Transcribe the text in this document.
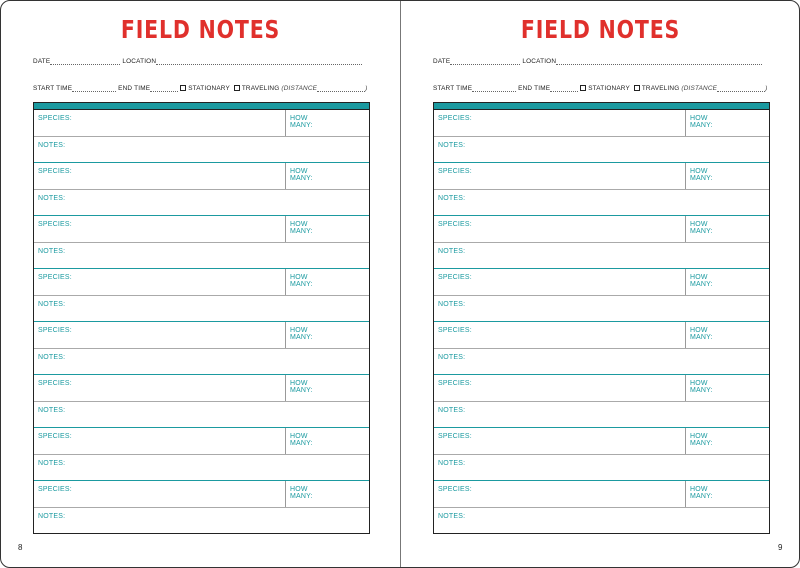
FIELD NOTES
DATE	LOCATION
START TIME	END TIME	STATIONARY TRAVELING (DISTANCE	)
SPECIES:	HOW MANY:
NOTES:
SPECIES:	HOW MANY:
NOTES:
SPECIES:	HOW MANY:
NOTES:
SPECIES:	HOW MANY:
NOTES:
SPECIES:	HOW MANY:
NOTES:
SPECIES:	HOW MANY:
NOTES:
SPECIES:	HOW MANY:
NOTES:
SPECIES:	HOW MANY:
NOTES:
8
FIELD NOTES
DATE	LOCATION
START TIME	END TIME	STATIONARY TRAVELING (DISTANCE	)
SPECIES:	HOW MANY:
NOTES:
SPECIES:	HOW MANY:
NOTES:
SPECIES:	HOW MANY:
NOTES:
SPECIES:	HOW MANY:
NOTES:
SPECIES:	HOW MANY:
NOTES:
SPECIES:	HOW MANY:
NOTES:
SPECIES:	HOW MANY:
NOTES:
SPECIES:	HOW MANY:
NOTES:
9
